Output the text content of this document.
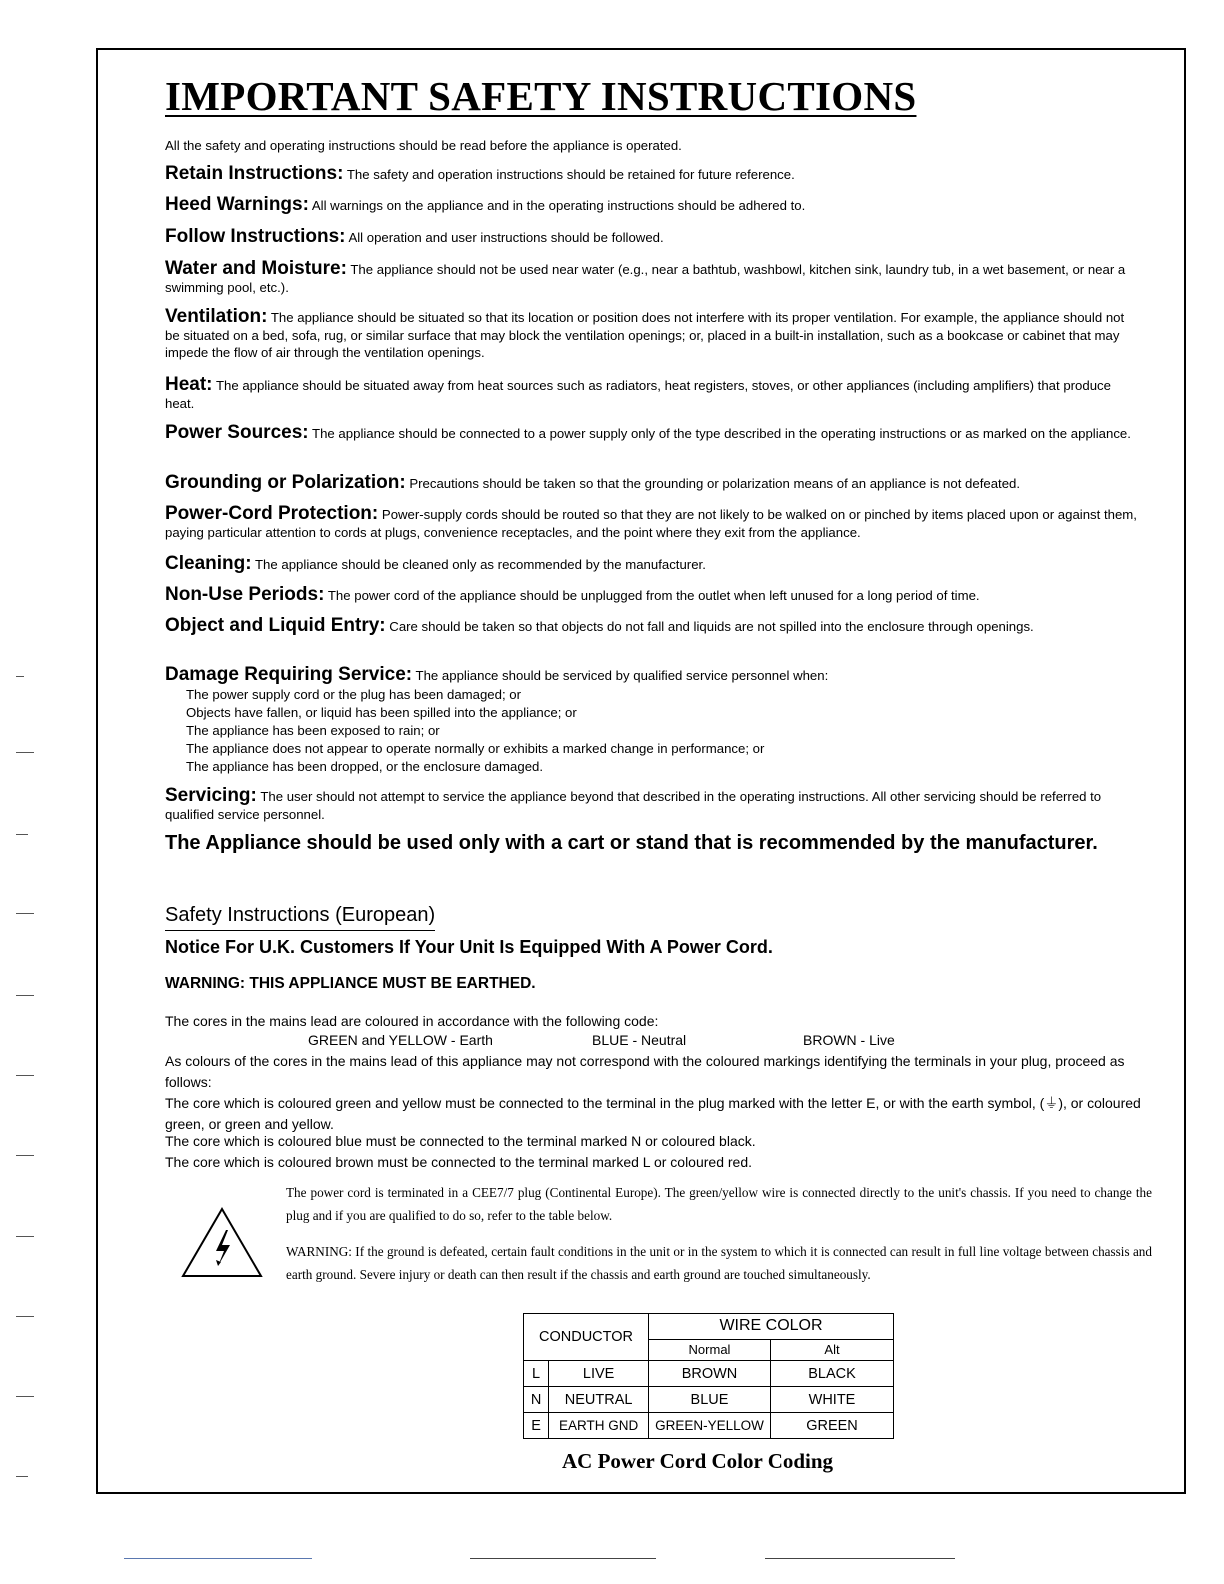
IMPORTANT SAFETY INSTRUCTIONS

All the safety and operating instructions should be read before the appliance is operated.

Retain Instructions: The safety and operation instructions should be retained for future reference.

Heed Warnings: All warnings on the appliance and in the operating instructions should be adhered to.

Follow Instructions: All operation and user instructions should be followed.

Water and Moisture: The appliance should not be used near water (e.g., near a bathtub, washbowl, kitchen sink, laundry tub, in a wet basement, or near a swimming pool, etc.).

Ventilation: The appliance should be situated so that its location or position does not interfere with its proper ventilation. For example, the appliance should not be situated on a bed, sofa, rug, or similar surface that may block the ventilation openings; or, placed in a built-in installation, such as a bookcase or cabinet that may impede the flow of air through the ventilation openings.

Heat: The appliance should be situated away from heat sources such as radiators, heat registers, stoves, or other appliances (including amplifiers) that produce heat.

Power Sources: The appliance should be connected to a power supply only of the type described in the operating instructions or as marked on the appliance.

Grounding or Polarization: Precautions should be taken so that the grounding or polarization means of an appliance is not defeated.

Power-Cord Protection: Power-supply cords should be routed so that they are not likely to be walked on or pinched by items placed upon or against them, paying particular attention to cords at plugs, convenience receptacles, and the point where they exit from the appliance.

Cleaning: The appliance should be cleaned only as recommended by the manufacturer.

Non-Use Periods: The power cord of the appliance should be unplugged from the outlet when left unused for a long period of time.

Object and Liquid Entry: Care should be taken so that objects do not fall and liquids are not spilled into the enclosure through openings.

Damage Requiring Service: The appliance should be serviced by qualified service personnel when:

The power supply cord or the plug has been damaged; or
Objects have fallen, or liquid has been spilled into the appliance; or
The appliance has been exposed to rain; or
The appliance does not appear to operate normally or exhibits a marked change in performance; or
The appliance has been dropped, or the enclosure damaged.

Servicing: The user should not attempt to service the appliance beyond that described in the operating instructions. All other servicing should be referred to qualified service personnel.

The Appliance should be used only with a cart or stand that is recommended by the manufacturer.
Safety Instructions (European)
Notice For U.K. Customers If Your Unit Is Equipped With A Power Cord.
WARNING: THIS APPLIANCE MUST BE EARTHED.

The cores in the mains lead are coloured in accordance with the following code:

GREEN and YELLOW - Earth	BLUE - Neutral	BROWN - Live

As colours of the cores in the mains lead of this appliance may not correspond with the coloured markings identifying the terminals in your plug, proceed as follows:

The core which is coloured green and yellow must be connected to the terminal in the plug marked with the letter E, or with the earth symbol, (⏚), or coloured green, or green and yellow.

The core which is coloured blue must be connected to the terminal marked N or coloured black.

The core which is coloured brown must be connected to the terminal marked L or coloured red.

The power cord is terminated in a CEE7/7 plug (Continental Europe). The green/yellow wire is connected directly to the unit's chassis. If you need to change the plug and if you are qualified to do so, refer to the table below.

WARNING: If the ground is defeated, certain fault conditions in the unit or in the system to which it is connected can result in full line voltage between chassis and earth ground. Severe injury or death can then result if the chassis and earth ground are touched simultaneously.

CONDUCTOR		WIRE COLOR	
		Normal	Alt
L	LIVE	BROWN	BLACK
N	NEUTRAL	BLUE	WHITE
E	EARTH GND	GREEN-YELLOW	GREEN
AC Power Cord Color Coding
